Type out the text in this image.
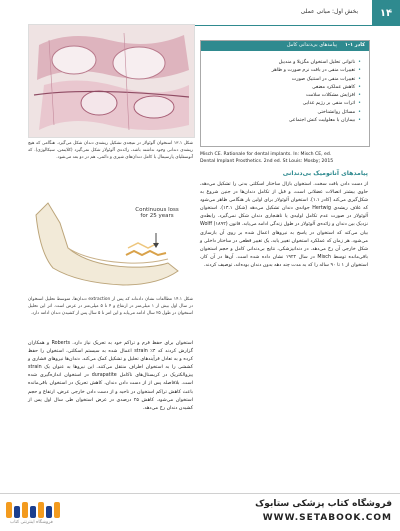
بخش اول: مبانی عملی	۱۴
شکل ۱۳.۱ استخوان آلوئولار در نتیجه‌ی تشکیل ریشه‌ی دندان شکل می‌گیرد. هنگامی که هیچ ریشه‌ی دندانی وجود نداشته باشد، زائده‌ی آلوئولار شکل نمی‌گیرد (کلاینمن، سیکالوژی). که آتوسفلیای پارسیمال با کامل دندان‌های شیری و دائمی، هم در دو بعد می‌شود.
Continuous loss
for 25 years
شکل ۱۴.۱ مطالعات نشان داده‌اند که پس از extraction دندان‌ها، متوسط تحلیل استخوان در سال اول بیش از ۱ میلی‌متر در ارتفاع و ۴ تا ۵ میلی‌متر در عرض است. اثر این تحلیل استخوان در طول ۲۵ سال ادامه می‌یابد و این امر تا ۵ سال پس از کشیدن دندان ادامه دارد.
کادر ۱-۱
پیامدهای بی‌دندانی کامل
• ناتوانی تحلیل استخوان مگزیلا و مندیبل
• تغییرات منفی در بافت نرم صورت و ظاهر
• تغییرات منفی در استتیک صورت
• کاهش عملکرد مضغی
• افزایش مشکلات سلامت
• اثرات منفی بر رژیم غذایی
• مسائل روانشناختی
• بیماران با معلولیت کنش اجتماعی
Misch CE. Rationale for dental implants. In: Misch CE, ed.
Dental Implant Prosthetics. 2nd ed. St Louis: Mosby; 2015
پیامدهای آناتومیک بی‌دندانی

از دست دادن بافت سخت. استخوان بازال ساختار اسکلتی بدنی را تشکیل می‌دهد، حاوی بیشتر اتصالات عضلانی است، و قبل از تکامل دندان‌ها در جنین شروع به شکل‌گیری می‌کند (کادر ۱.۱). استخوان آلوئولار برای اولین بار هنگامی ظاهر می‌شود که غلاف ریشه‌ی Hertwig جوانه‌ی دندان تشکیل می‌دهد (شکل ۱۳.۱). استخوان آلوئولار در صورت عدم تکامل اولیه‌ی یا ناهنجاری دندان شکل نمی‌گیرد. رابطه‌ی نزدیک بین دندان و زائده‌ی آلوئولار در طول زندگی ادامه می‌یابد. قانون Wolff (۱۸۹۲) بیان می‌کند که استخوان در پاسخ به نیروهای اعمال شده بر روی آن بازسازی می‌شود. هر زمان که عملکرد استخوان تغییر یابد، یک تغییر قطعی در ساختار داخلی و شکل خارجی آن رخ می‌دهد. در دندانپزشکی، نتایج بی‌دندانی کامل و حجم استخوان باقی‌مانده توسط Misch در سال ۱۹۲۲ نشان داده شده است. آن‌ها در آن کار، استخوان از ۱ تا ۹۰ ساله را که به مدت چند دهه بدون دندان بوده‌اند، توصیف کردند.

استخوان برای حفظ فرم و تراکم خود به تحریک نیاز دارد. Roberts و همکاران گزارش کردند که ۴٪ strain اعمال شده به سیستم اسکلتی، استخوان را حفظ کرده و به تعادل فرآیندهای تحلیل و تشکیل کمک می‌کند. دندان‌ها نیروهای فشاری و کششی را به استخوان اطراف منتقل می‌کنند. این نیروها به عنوان یک strain پیزوالکتریک در کریستال‌های ناکامل durapatite در استخوان اندازه‌گیری شده است. بلافاصله پس از از دست دادن دندان، کاهش تحریک در استخوان باقی‌مانده باعث کاهش تراکم استخوان در ناحیه و از دست دادن خارجی عرض، ارتفاع و حجم استخوان می‌شود. کاهش ۲۵ درصدی در عرض استخوان طی سال اول پس از کشیدن دندان رخ می‌دهد.

فروشگاه اینترنتی کتاب
فروشگاه کتاب پزشکی ستابوک
WWW.SETABOOK.COM
